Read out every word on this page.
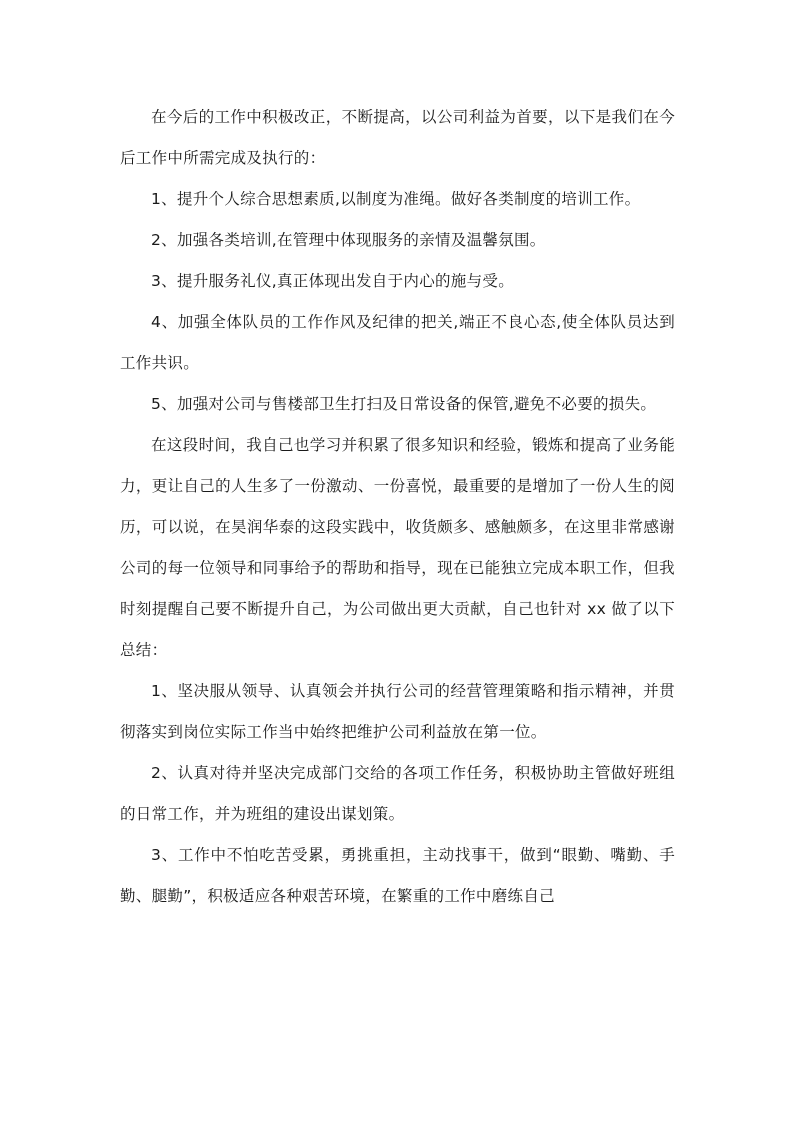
在今后的工作中积极改正，不断提高，以公司利益为首要，以下是我们在今后工作中所需完成及执行的：

1、提升个人综合思想素质,以制度为准绳。做好各类制度的培训工作。

2、加强各类培训,在管理中体现服务的亲情及温馨氛围。

3、提升服务礼仪,真正体现出发自于内心的施与受。

4、加强全体队员的工作作风及纪律的把关,端正不良心态,使全体队员达到工作共识。

5、加强对公司与售楼部卫生打扫及日常设备的保管,避免不必要的损失。

在这段时间，我自己也学习并积累了很多知识和经验，锻炼和提高了业务能力，更让自己的人生多了一份激动、一份喜悦，最重要的是增加了一份人生的阅历，可以说，在昊润华泰的这段实践中，收货颇多、感触颇多，在这里非常感谢公司的每一位领导和同事给予的帮助和指导，现在已能独立完成本职工作，但我时刻提醒自己要不断提升自己，为公司做出更大贡献，自己也针对 xx 做了以下总结：

1、坚决服从领导、认真领会并执行公司的经营管理策略和指示精神，并贯彻落实到岗位实际工作当中始终把维护公司利益放在第一位。

2、认真对待并坚决完成部门交给的各项工作任务，积极协助主管做好班组的日常工作，并为班组的建设出谋划策。

3、工作中不怕吃苦受累，勇挑重担，主动找事干，做到“眼勤、嘴勤、手勤、腿勤”，积极适应各种艰苦环境，在繁重的工作中磨练自己
